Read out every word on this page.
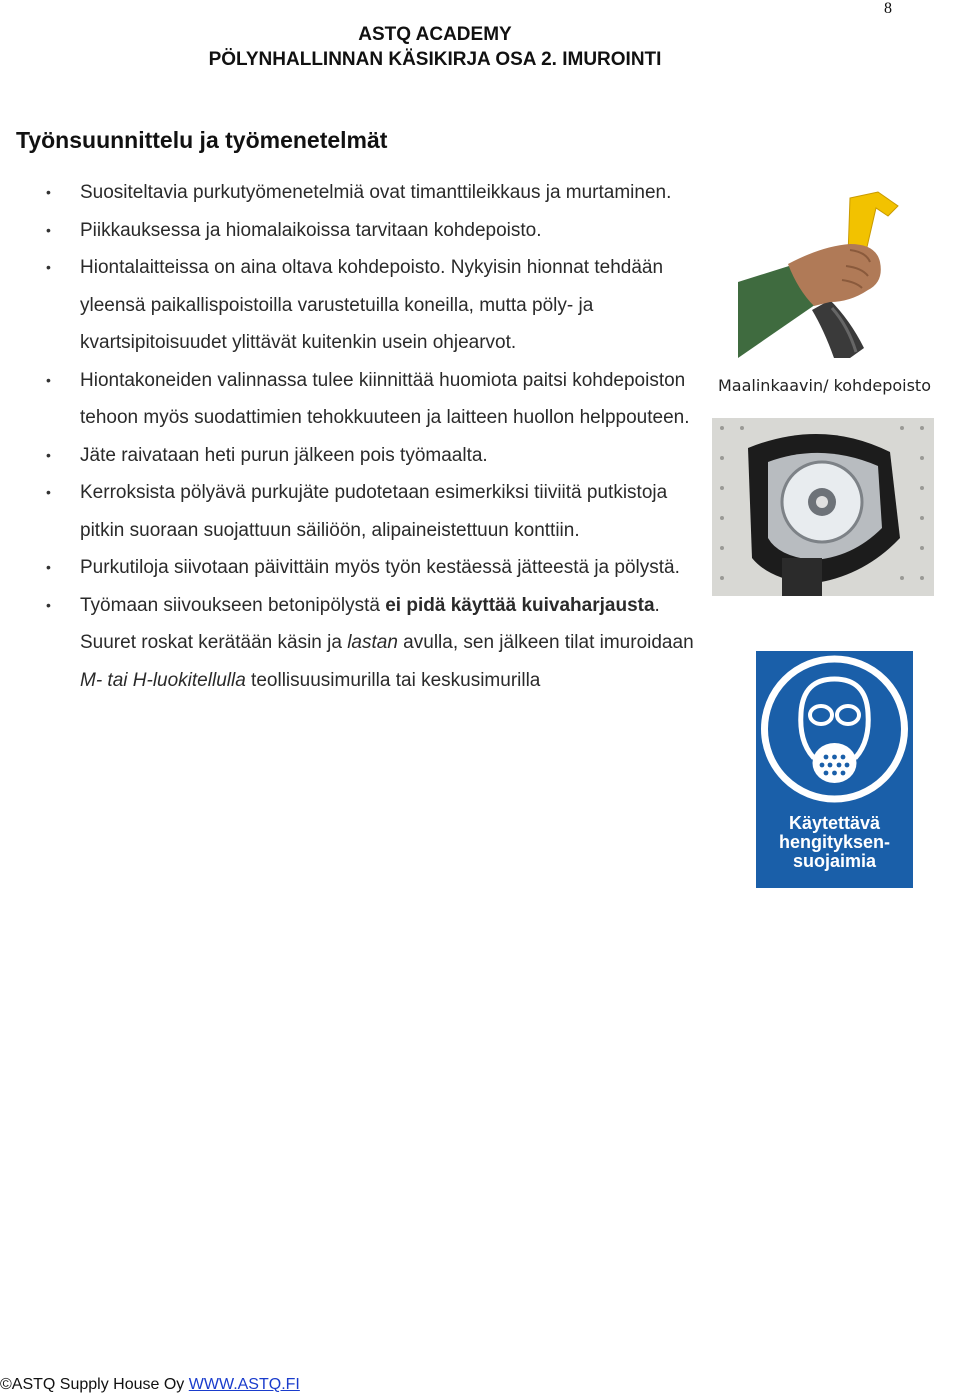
8
ASTQ ACADEMY
PÖLYNHALLINNAN KÄSIKIRJA OSA 2. IMUROINTI
Työnsuunnittelu ja työmenetelmät
• Suositeltavia purkutyömenetelmiä ovat timanttileikkaus ja murtaminen.
• Piikkauksessa ja hiomalaikoissa tarvitaan kohdepoisto.
• Hiontalaitteissa on aina oltava kohdepoisto. Nykyisin hionnat tehdään yleensä paikallispoistoilla varustetuilla koneilla, mutta pöly- ja kvartsipitoisuudet ylittävät kuitenkin usein ohjearvot.
• Hiontakoneiden valinnassa tulee kiinnittää huomiota paitsi kohdepoiston tehoon myös suodattimien tehokkuuteen ja laitteen huollon helppouteen.
• Jäte raivataan heti purun jälkeen pois työmaalta.
• Kerroksista pölyävä purkujäte pudotetaan esimerkiksi tiiviitä putkistoja pitkin suoraan suojattuun säiliöön, alipaineistettuun konttiin.
• Purkutiloja siivotaan päivittäin myös työn kestäessä jätteestä ja pölystä.
• Työmaan siivoukseen betonipölystä ei pidä käyttää kuivaharjausta. Suuret roskat kerätään käsin ja lastan avulla, sen jälkeen tilat imuroidaan M- tai H-luokitellulla teollisuusimurilla tai keskusimurilla
Maalinkaavin/ kohdepoisto
Käytettävä
hengityksen-
suojaimia
©ASTQ Supply House Oy WWW.ASTQ.FI
